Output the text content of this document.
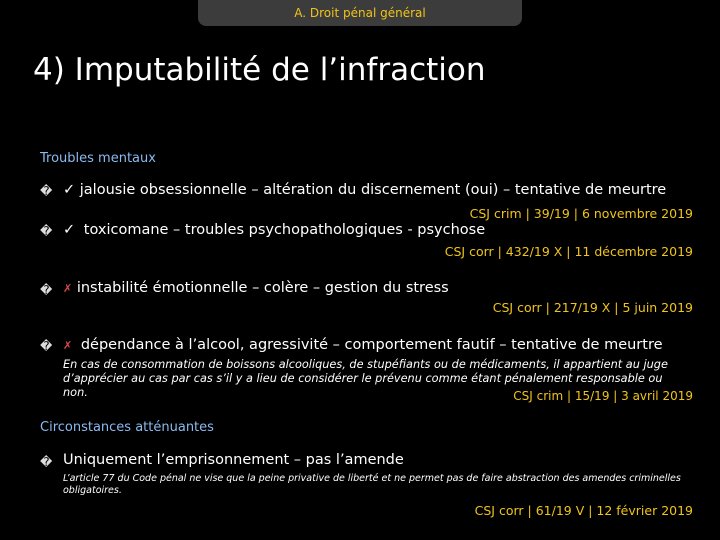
A. Droit pénal général
4) Imputabilité de l’infraction
Troubles mentaux
� ✓ jalousie obsessionnelle – altération du discernement (oui) – tentative de meurtre
CSJ crim | 39/19 | 6 novembre 2019
� ✓ toxicomane – troubles psychopathologiques - psychose
CSJ corr | 432/19 X | 11 décembre 2019
� ✗ instabilité émotionnelle – colère – gestion du stress
CSJ corr | 217/19 X | 5 juin 2019
� ✗ dépendance à l’alcool, agressivité – comportement fautif – tentative de meurtre
En cas de consommation de boissons alcooliques, de stupéfiants ou de médicaments, il appartient au juge d’apprécier au cas par cas s’il y a lieu de considérer le prévenu comme étant pénalement responsable ou non.	CSJ crim | 15/19 | 3 avril 2019
Circonstances atténuantes
� Uniquement l’emprisonnement – pas l’amende
L’article 77 du Code pénal ne vise que la peine privative de liberté et ne permet pas de faire abstraction des amendes criminelles obligatoires.
CSJ corr | 61/19 V | 12 février 2019
